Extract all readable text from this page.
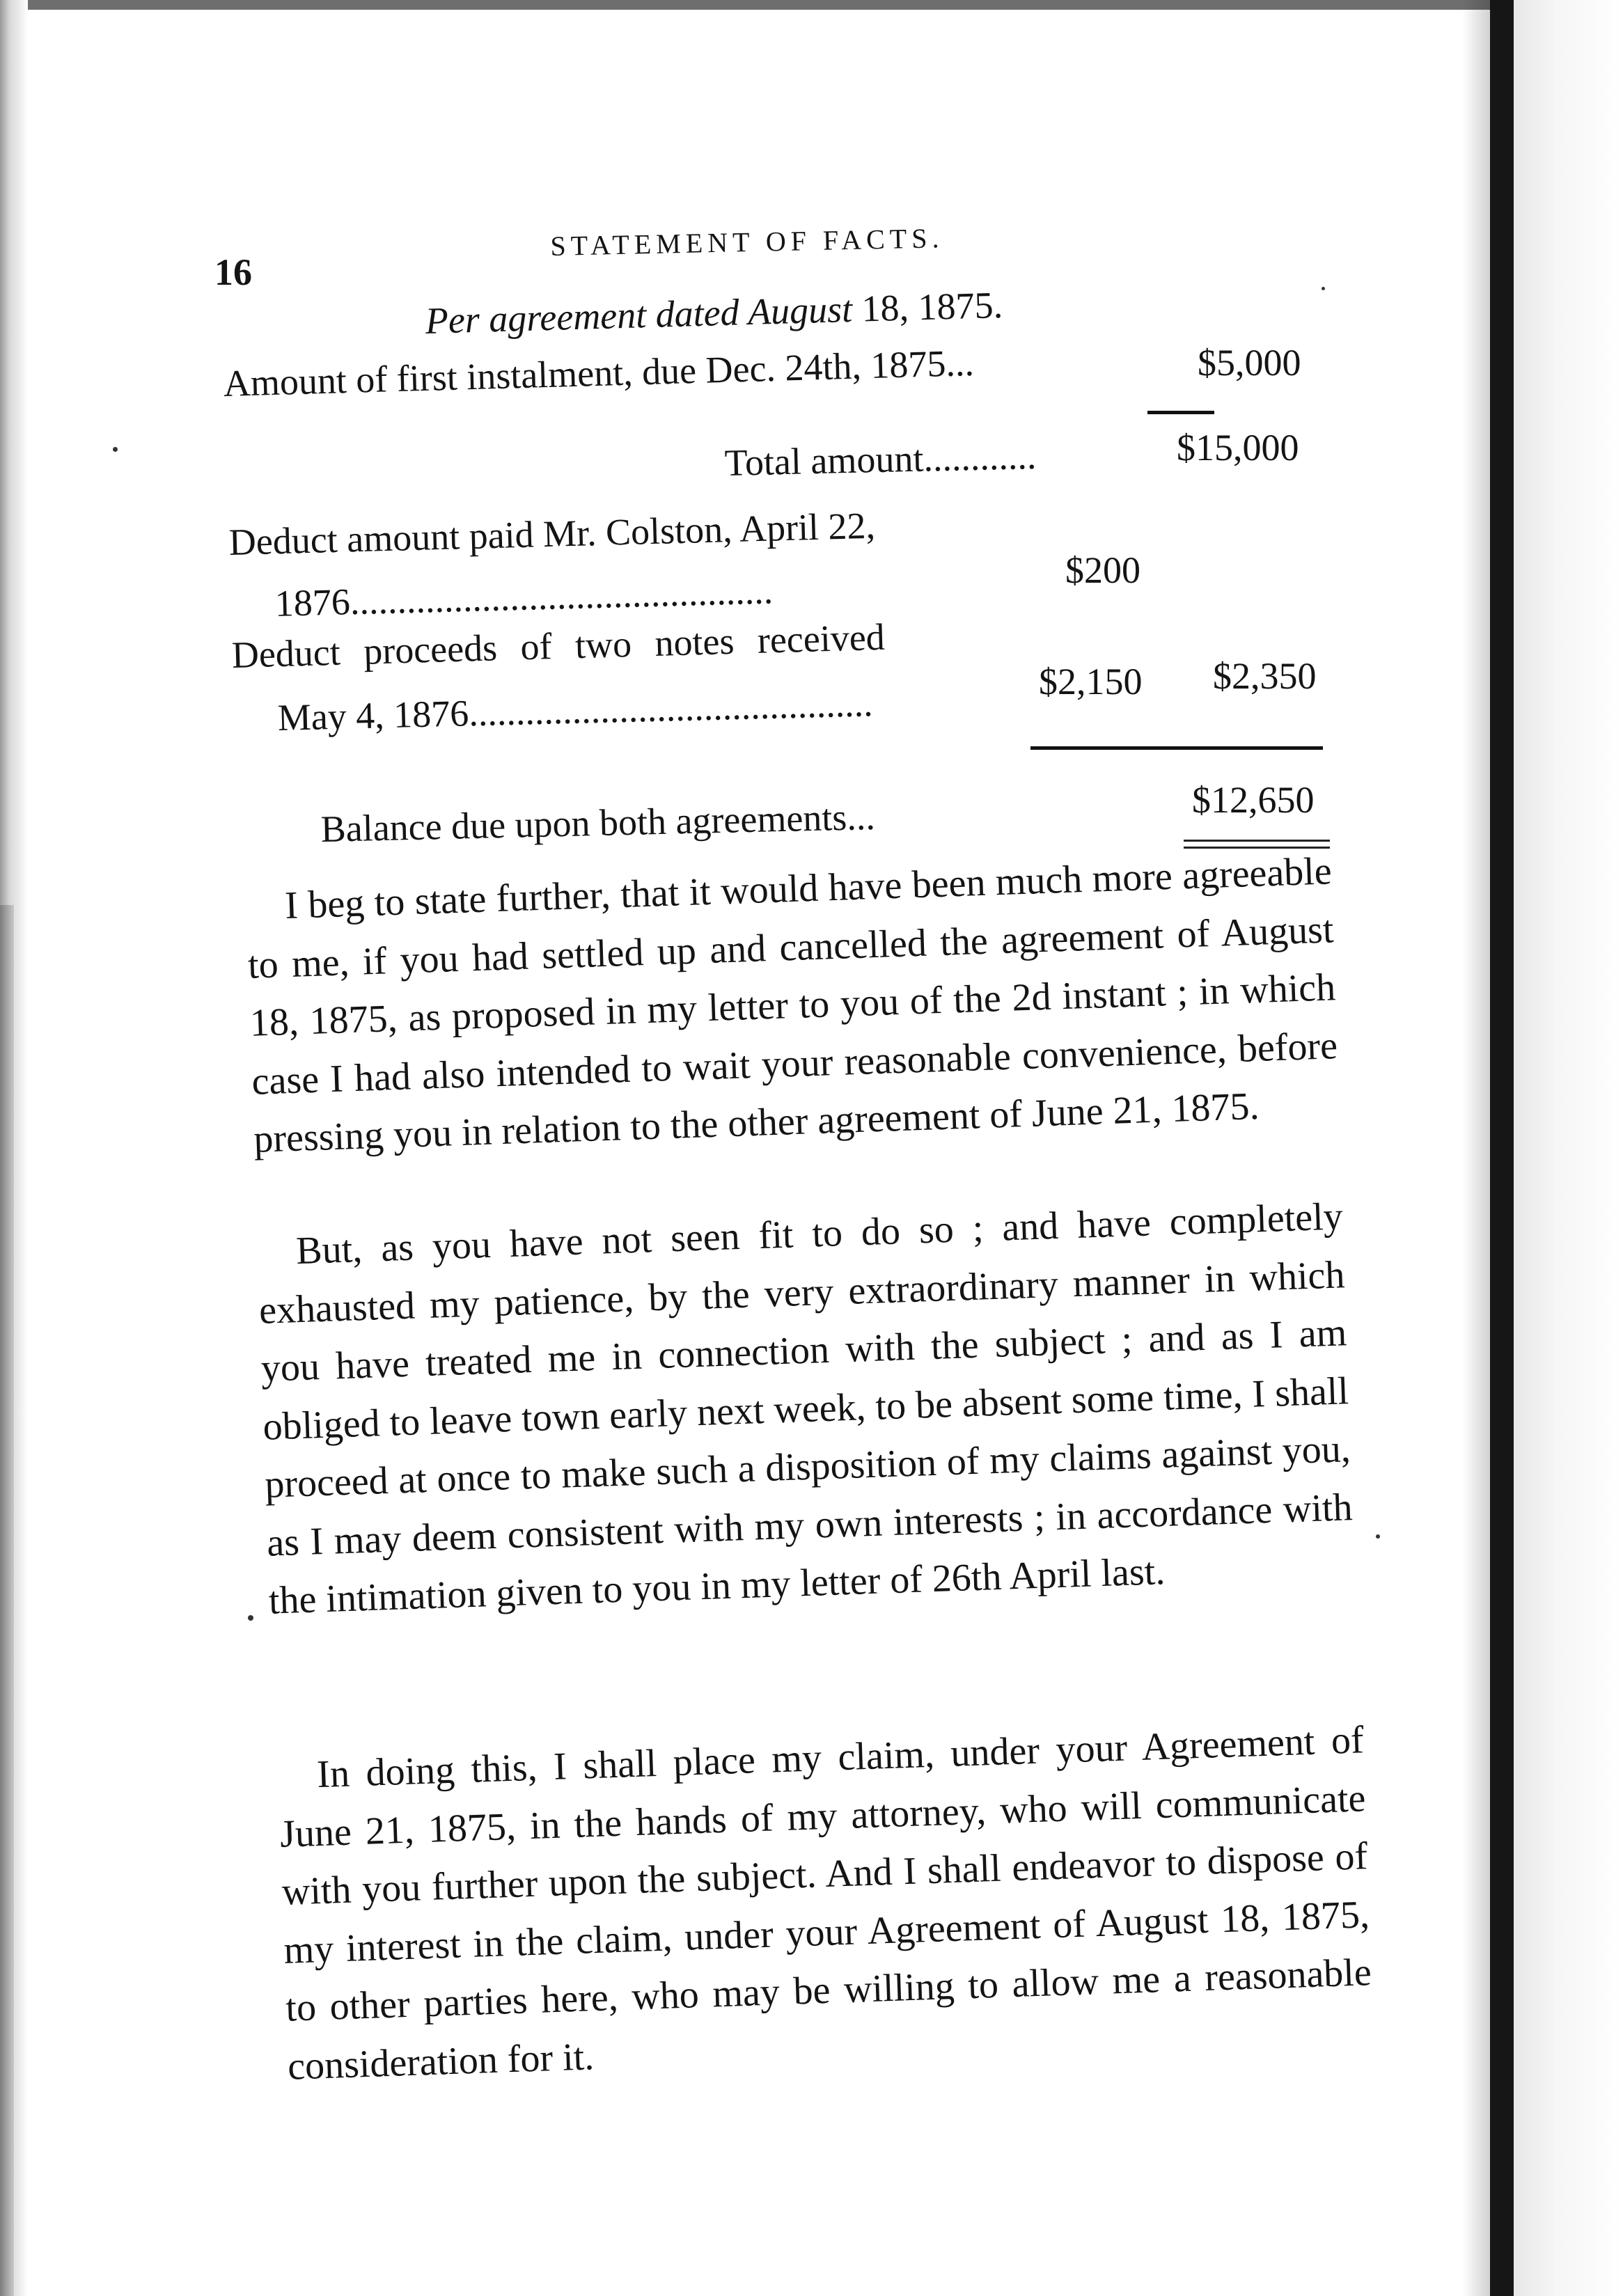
16
STATEMENT OF FACTS.
Per agreement dated August 18, 1875.
Amount of first instalment, due Dec. 24th, 1875...	$5,000
Total amount............	$15,000
Deduct amount paid Mr. Colston, April 22,
1876.............................................	$200
Deduct proceeds of two notes received
May 4, 1876...........................................
$2,150 $2,350
Balance due upon both agreements...	$12,650

I beg to state further, that it would have been much more agreeable to me, if you had settled up and cancelled the agreement of August 18, 1875, as proposed in my letter to you of the 2d instant ; in which case I had also intended to wait your reasonable convenience, before pressing you in relation to the other agreement of June 21, 1875.

But, as you have not seen fit to do so ; and have completely exhausted my patience, by the very extraordinary manner in which you have treated me in connection with the subject ; and as I am obliged to leave town early next week, to be absent some time, I shall proceed at once to make such a disposition of my claims against you, as I may deem consistent with my own interests ; in accordance with the intimation given to you in my letter of 26th April last.

In doing this, I shall place my claim, under your Agreement of June 21, 1875, in the hands of my attorney, who will communicate with you further upon the subject. And I shall endeavor to dispose of my interest in the claim, under your Agreement of August 18, 1875, to other parties here, who may be willing to allow me a reasonable consideration for it.
